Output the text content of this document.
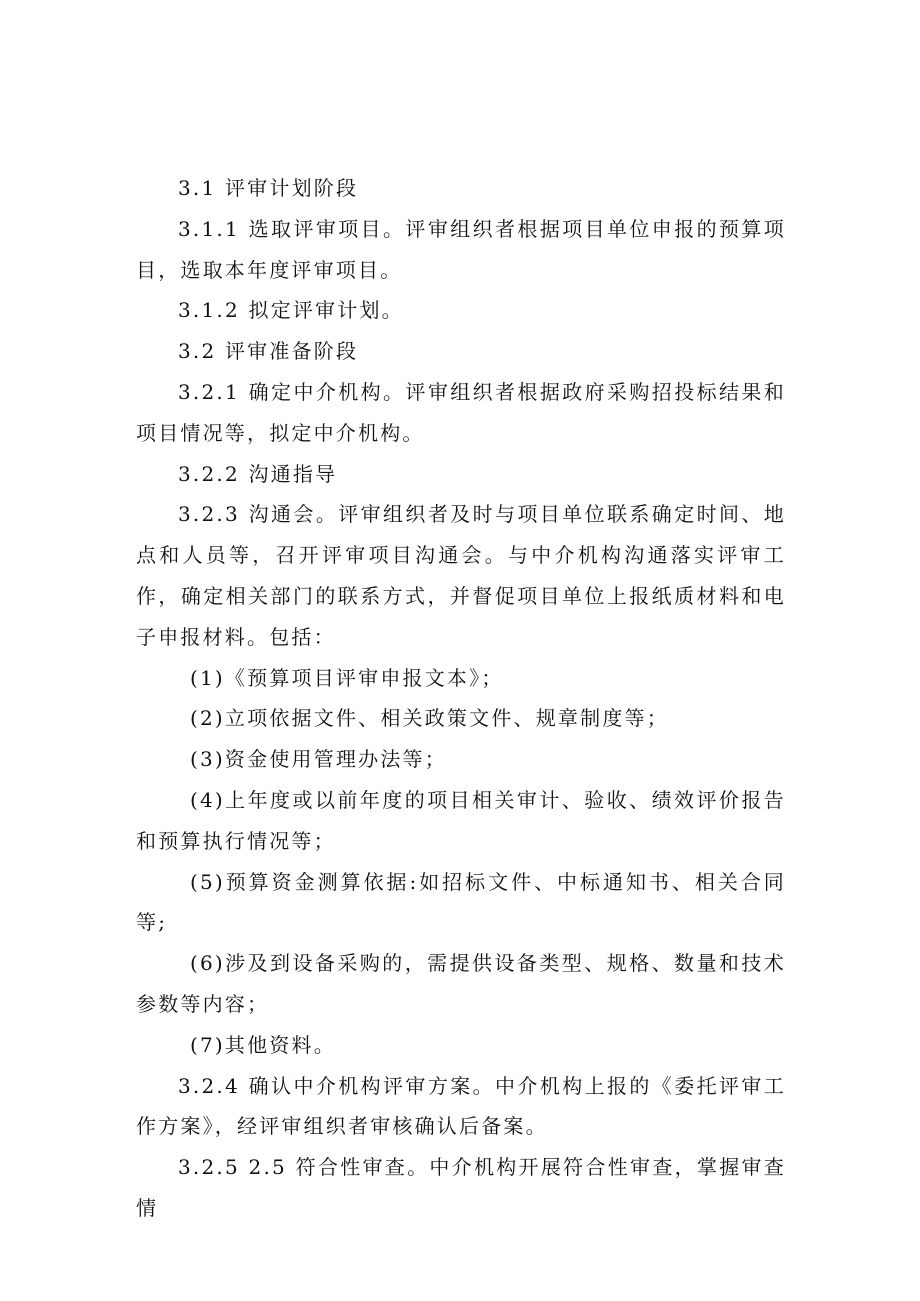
3.1 评审计划阶段

3.1.1 选取评审项目。评审组织者根据项目单位申报的预算项目，选取本年度评审项目。

3.1.2 拟定评审计划。

3.2 评审准备阶段

3.2.1 确定中介机构。评审组织者根据政府采购招投标结果和项目情况等，拟定中介机构。

3.2.2 沟通指导

3.2.3 沟通会。评审组织者及时与项目单位联系确定时间、地点和人员等，召开评审项目沟通会。与中介机构沟通落实评审工作，确定相关部门的联系方式，并督促项目单位上报纸质材料和电子申报材料。包括：

(1)《预算项目评审申报文本》；

(2)立项依据文件、相关政策文件、规章制度等；

(3)资金使用管理办法等；

(4)上年度或以前年度的项目相关审计、验收、绩效评价报告和预算执行情况等；

(5)预算资金测算依据:如招标文件、中标通知书、相关合同等;

(6)涉及到设备采购的，需提供设备类型、规格、数量和技术参数等内容；

(7)其他资料。

3.2.4 确认中介机构评审方案。中介机构上报的《委托评审工作方案》，经评审组织者审核确认后备案。

3.2.5 2.5 符合性审查。中介机构开展符合性审查，掌握审查情
